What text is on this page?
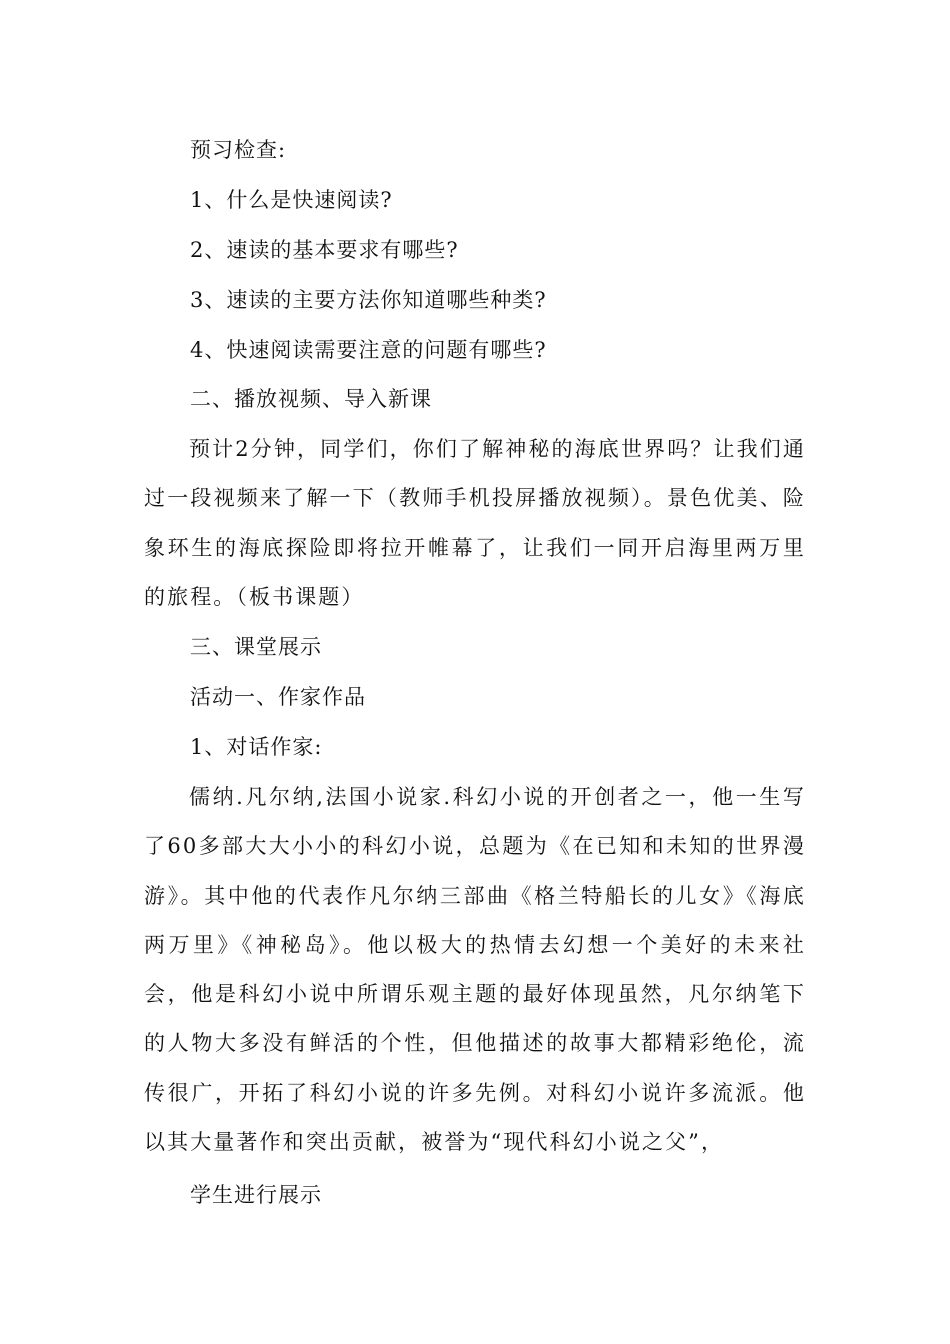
预习检查:
1、什么是快速阅读?
2、速读的基本要求有哪些?
3、速读的主要方法你知道哪些种类?
4、快速阅读需要注意的问题有哪些?
二、播放视频、导入新课
预计2分钟，同学们，你们了解神秘的海底世界吗？让我们通过一段视频来了解一下（教师手机投屏播放视频）。景色优美、险象环生的海底探险即将拉开帷幕了，让我们一同开启海里两万里的旅程。（板书课题）
三、课堂展示
活动一、作家作品
1、对话作家:
儒纳.凡尔纳,法国小说家.科幻小说的开创者之一，他一生写了60多部大大小小的科幻小说，总题为《在已知和未知的世界漫游》。其中他的代表作凡尔纳三部曲《格兰特船长的儿女》《海底两万里》《神秘岛》。他以极大的热情去幻想一个美好的未来社会，他是科幻小说中所谓乐观主题的最好体现虽然，凡尔纳笔下的人物大多没有鲜活的个性，但他描述的故事大都精彩绝伦，流传很广，开拓了科幻小说的许多先例。对科幻小说许多流派。他以其大量著作和突出贡献，被誉为“现代科幻小说之父”，
学生进行展示
